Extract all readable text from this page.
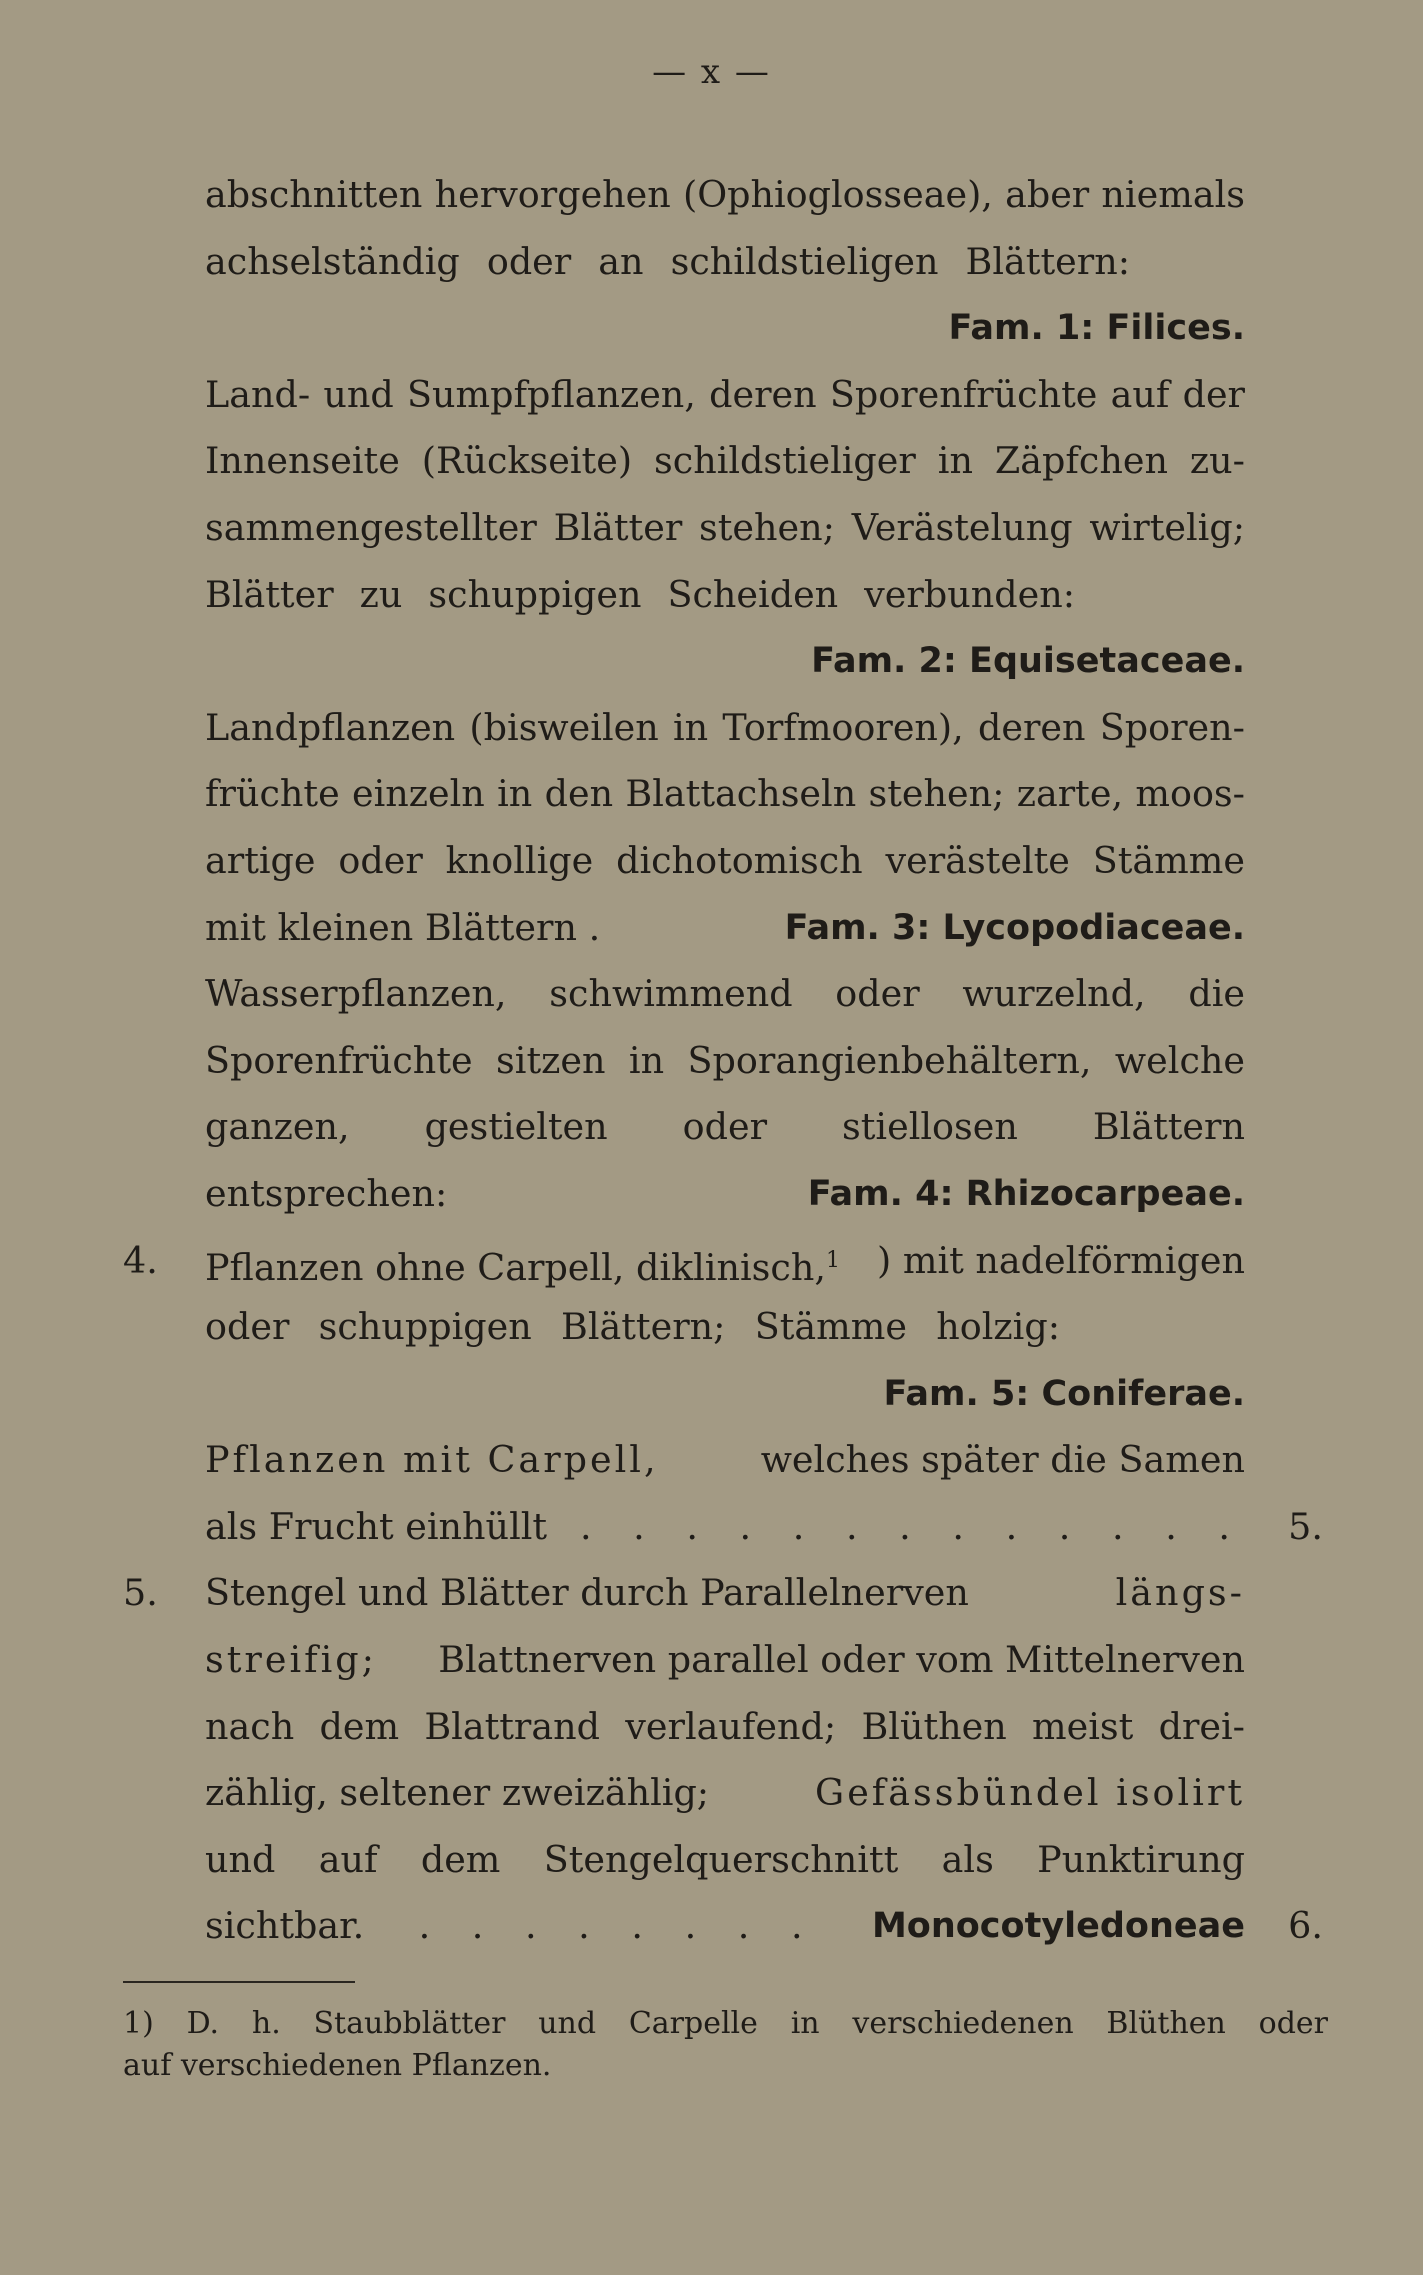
— x —
abschnitten hervorgehen (Ophioglosseae), aber niemals
achselständig oder an schildstieligen Blättern:
Fam. 1: Filices.
Land- und Sumpfpflanzen, deren Sporenfrüchte auf der
Innenseite (Rückseite) schildstieliger in Zäpfchen zu-
sammengestellter Blätter stehen; Verästelung wirtelig;
Blätter zu schuppigen Scheiden verbunden:
Fam. 2: Equisetaceae.
Landpflanzen (bisweilen in Torfmooren), deren Sporen-
früchte einzeln in den Blattachseln stehen; zarte, moos-
artige oder knollige dichotomisch verästelte Stämme
mit kleinen Blättern .	Fam. 3: Lycopodiaceae.
Wasserpflanzen, schwimmend oder wurzelnd, die
Sporenfrüchte sitzen in Sporangienbehältern, welche
ganzen, gestielten oder stiellosen Blättern entsprechen:	Fam. 4: Rhizocarpeae.
4. Pflanzen ohne Carpell, diklinisch,$^1$ ) mit nadelförmigen
oder schuppigen Blättern; Stämme holzig:
Fam. 5: Coniferae.
Pflanzen mit Carpell,	welches später die Samen
als Frucht einhüllt . . . . . . . . . . . . . 5.
5. Stengel und Blätter durch Parallelnerven	längs-
streifig; Blattnerven parallel oder vom Mittelnerven
nach dem Blattrand verlaufend; Blüthen meist drei-
zählig, seltener zweizählig;	Gefässbündel isolirt
und auf dem Stengelquerschnitt als Punktirung
sichtbar. . . . . . . . . Monocotyledoneae 6.
1) D. h. Staubblätter und Carpelle in verschiedenen Blüthen oder
auf verschiedenen Pflanzen.
